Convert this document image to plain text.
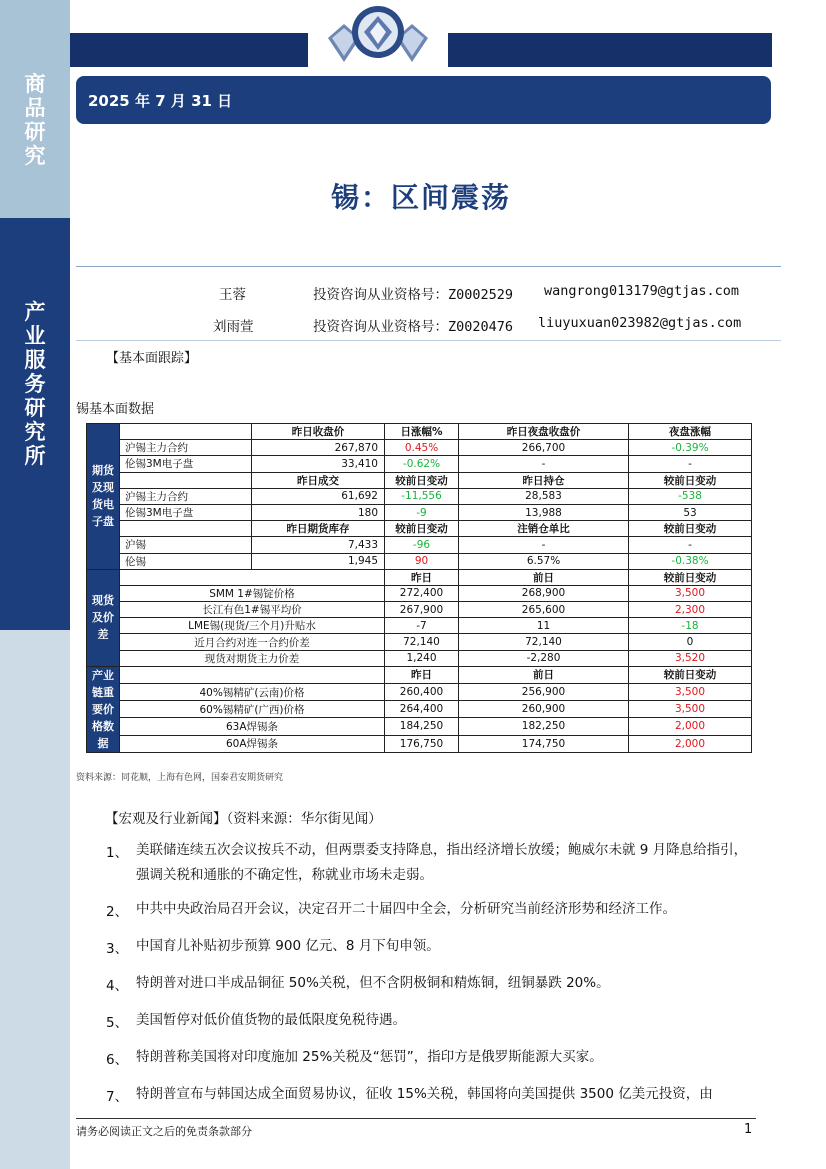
商
品
研
究
产
业
服
务
研
究
所
2025 年 7 月 31 日
锡：区间震荡
王蓉	投资咨询从业资格号：Z0002529 wangrong013179@gtjas.com
刘雨萱	投资咨询从业资格号：Z0020476 liuyuxuan023982@gtjas.com
【基本面跟踪】
锡基本面数据
期货及现货电子盘		昨日收盘价	日涨幅%	昨日夜盘收盘价	夜盘涨幅
	沪锡主力合约	267,870	0.45%	266,700	-0.39%
	伦锡3M电子盘	33,410	-0.62%	-	-
		昨日成交	较前日变动	昨日持仓	较前日变动
	沪锡主力合约	61,692	-11,556	28,583	-538
	伦锡3M电子盘	180	-9	13,988	53
		昨日期货库存	较前日变动	注销仓单比	较前日变动
	沪锡	7,433	-96	-	-
	伦锡	1,945	90	6.57%	-0.38%
现货及价差			昨日	前日	较前日变动
	SMM 1#锡锭价格		272,400	268,900	3,500
	长江有色1#锡平均价		267,900	265,600	2,300
	LME锡(现货/三个月)升贴水		-7	11	-18
	近月合约对连一合约价差		72,140	72,140	0
	现货对期货主力价差		1,240	-2,280	3,520
产业链重要价格数据			昨日	前日	较前日变动
	40%锡精矿(云南)价格		260,400	256,900	3,500
	60%锡精矿(广西)价格		264,400	260,900	3,500
	63A焊锡条		184,250	182,250	2,000
	60A焊锡条		176,750	174,750	2,000
资料来源：同花顺，上海有色网，国泰君安期货研究
【宏观及行业新闻】（资料来源：华尔街见闻）
1、 美联储连续五次会议按兵不动，但两票委支持降息，指出经济增长放缓；鲍威尔未就 9 月降息给指引，强调关税和通胀的不确定性，称就业市场未走弱。
2、 中共中央政治局召开会议，决定召开二十届四中全会，分析研究当前经济形势和经济工作。
3、 中国育儿补贴初步预算 900 亿元、8 月下旬申领。
4、 特朗普对进口半成品铜征 50%关税，但不含阴极铜和精炼铜，纽铜暴跌 20%。
5、 美国暂停对低价值货物的最低限度免税待遇。
6、 特朗普称美国将对印度施加 25%关税及“惩罚”，指印方是俄罗斯能源大买家。
7、 特朗普宣布与韩国达成全面贸易协议，征收 15%关税，韩国将向美国提供 3500 亿美元投资，由
请务必阅读正文之后的免责条款部分	1
